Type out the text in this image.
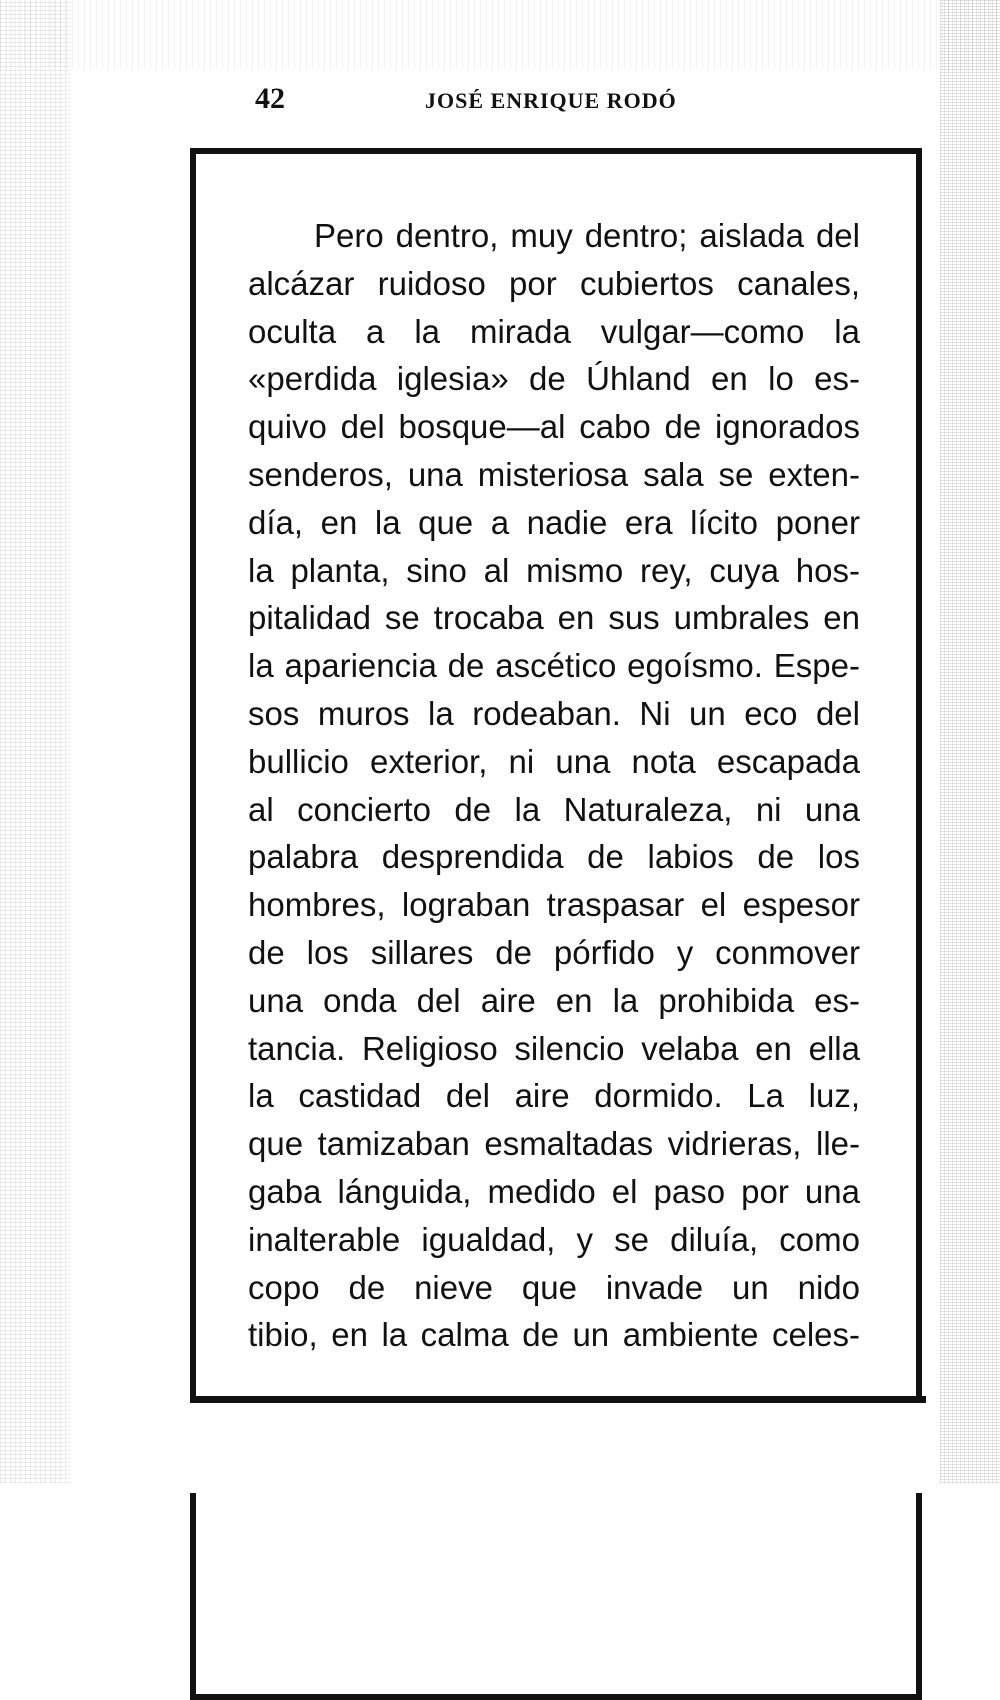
42	JOSÉ ENRIQUE RODÓ
Pero dentro, muy dentro; aislada del
alcázar ruidoso por cubiertos canales,
oculta a la mirada vulgar—como la
«perdida iglesia» de Úhland en lo es-
quivo del bosque—al cabo de ignorados
senderos, una misteriosa sala se exten-
día, en la que a nadie era lícito poner
la planta, sino al mismo rey, cuya hos-
pitalidad se trocaba en sus umbrales en
la apariencia de ascético egoísmo. Espe-
sos muros la rodeaban. Ni un eco del
bullicio exterior, ni una nota escapada
al concierto de la Naturaleza, ni una
palabra desprendida de labios de los
hombres, lograban traspasar el espesor
de los sillares de pórfido y conmover
una onda del aire en la prohibida es-
tancia. Religioso silencio velaba en ella
la castidad del aire dormido. La luz,
que tamizaban esmaltadas vidrieras, lle-
gaba lánguida, medido el paso por una
inalterable igualdad, y se diluía, como
copo de nieve que invade un nido
tibio, en la calma de un ambiente celes-
